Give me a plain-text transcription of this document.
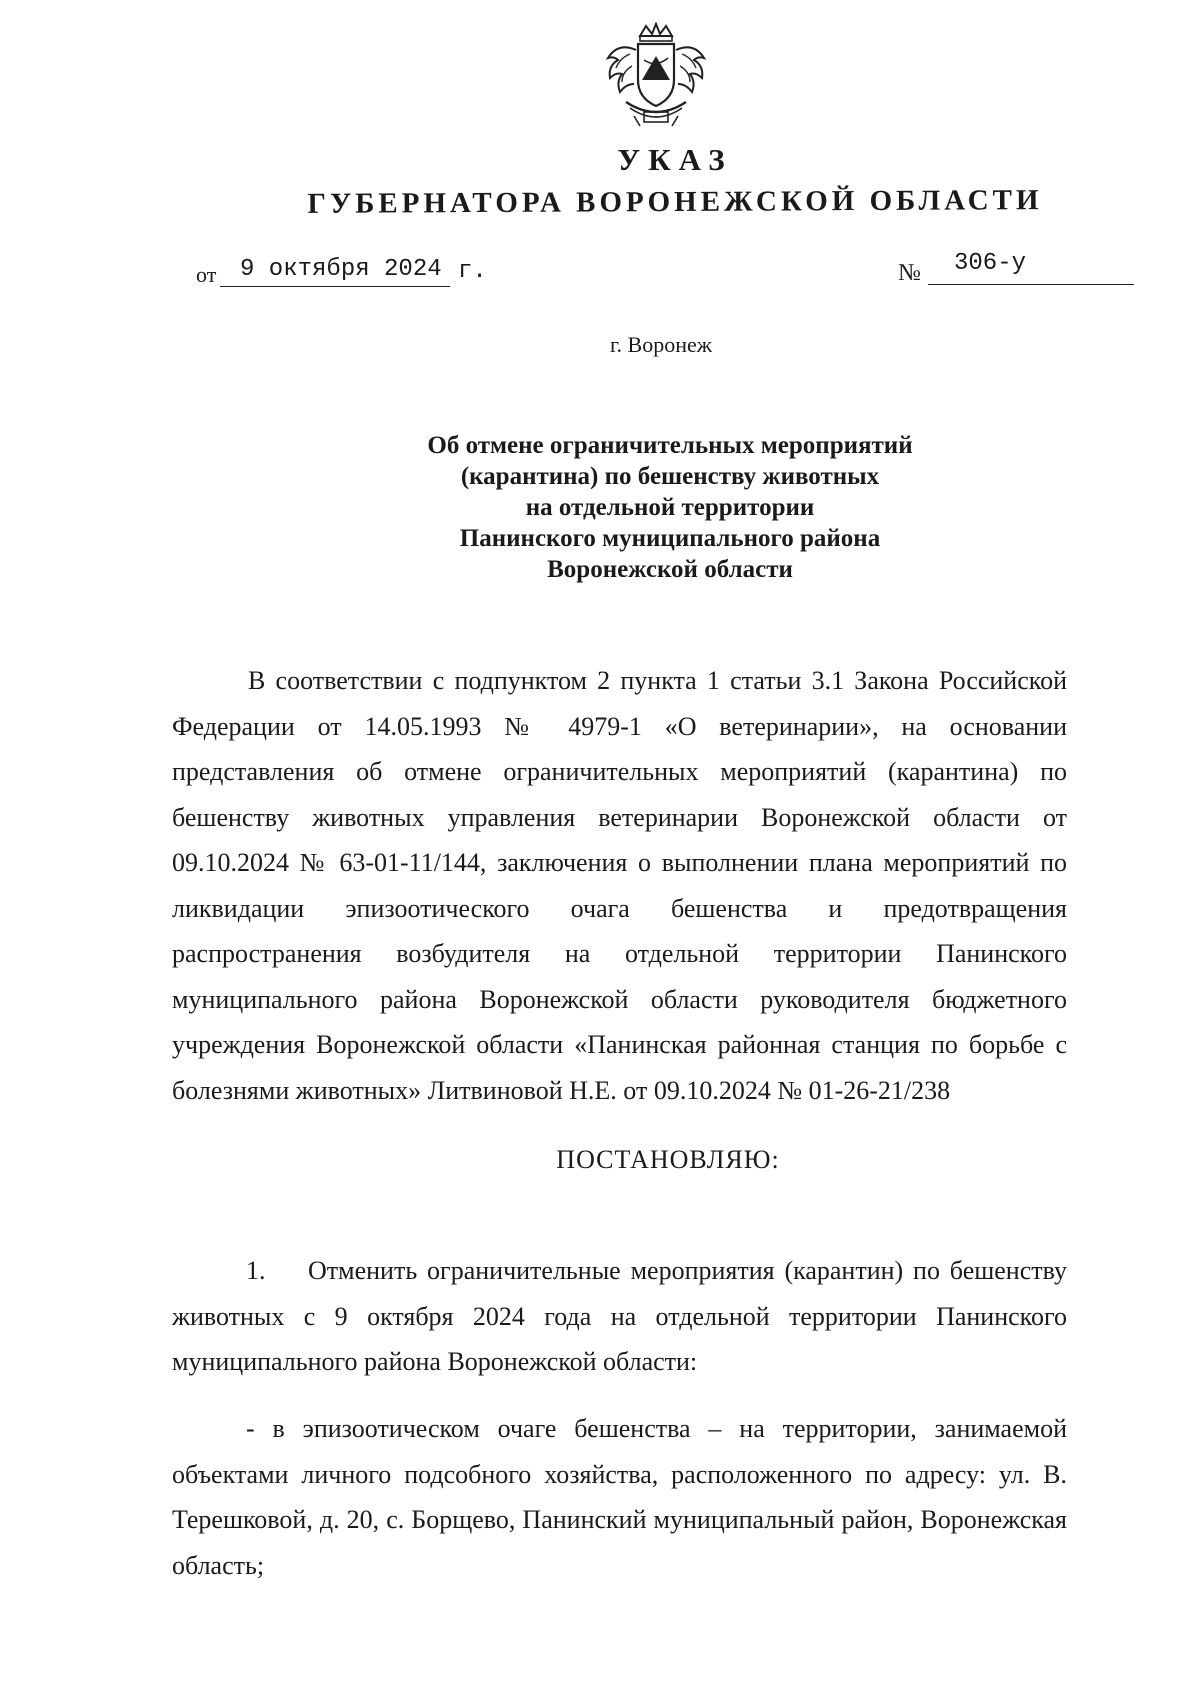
УКАЗ
ГУБЕРНАТОРА ВОРОНЕЖСКОЙ ОБЛАСТИ
от 9 октября 2024 г.	№ 306-у
г. Воронеж
Об отмене ограничительных мероприятий
(карантина) по бешенству животных
на отдельной территории
Панинского муниципального района
Воронежской области

В соответствии с подпунктом 2 пункта 1 статьи 3.1 Закона Российской Федерации от 14.05.1993 № 4979-1 «О ветеринарии», на основании представления об отмене ограничительных мероприятий (карантина) по бешенству животных управления ветеринарии Воронежской области от 09.10.2024 № 63-01-11/144, заключения о выполнении плана мероприятий по ликвидации эпизоотического очага бешенства и предотвращения распространения возбудителя на отдельной территории Панинского муниципального района Воронежской области руководителя бюджетного учреждения Воронежской области «Панинская районная станция по борьбе с болезнями животных» Литвиновой Н.Е. от 09.10.2024 № 01-26-21/238

ПОСТАНОВЛЯЮ:

1. Отменить ограничительные мероприятия (карантин) по бешенству животных с 9 октября 2024 года на отдельной территории Панинского муниципального района Воронежской области:

- в эпизоотическом очаге бешенства – на территории, занимаемой объектами личного подсобного хозяйства, расположенного по адресу: ул. В. Терешковой, д. 20, с. Борщево, Панинский муниципальный район, Воронежская область;
